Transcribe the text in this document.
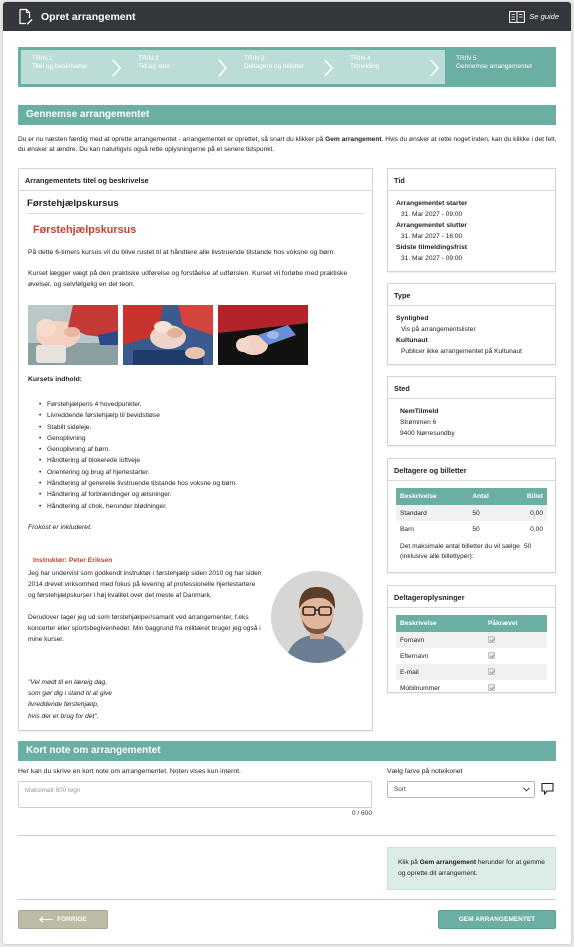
Opret arrangement	Se guide
TRIN 1
Titel og beskrivelse
TRIN 2
Tid og sted
TRIN 3
Deltagere og billetter
TRIN 4
Tilmelding
TRIN 5
Gennemse arrangementet
Gennemse arrangementet
Du er nu næsten færdig med at oprette arrangementet - arrangementet er oprettet, så snart du klikker på Gem arrangement. Hvis du ønsker at rette noget inden, kan du klikke i det felt, du ønsker at ændre. Du kan naturligvis også rette oplysningerne på et senere tidspunkt.
Arrangementets titel og beskrivelse
Førstehjælpskursus
Førstehjælpskursus
På dette 6-timers kursus vil du blive rustet til at håndtere alle livstruende tilstande hos voksne og børn.
Kurset lægger vægt på den praktiske udførelse og forståelse af udførslen. Kurset vil forløbe med praktiske øvelser, og selvfølgelig en del teori.
Kursets indhold:
• Førstehjælpens 4 hovedpunkter.
• Livreddende førstehjælp til bevidstløse
• Stabilt sideleje.
• Genoplivning
• Genoplivning af børn.
• Håndtering af blokerede luftveje
• Orientering og brug af hjertestarter.
• Håndtering af generelle livstruende tilstande hos voksne og børn.
• Håndtering af forbrændinger og ætsninger.
• Håndtering af chok, herunder blødninger.
Frokost er inkluderet.
Instruktør: Peter Eriksen
Jeg har undervist som godkendt instruktør i førstehjælp siden 2010 og har siden 2014 drevet virksomhed med fokus på levering af professionelle hjertestartere og førstehjælpskurser i høj kvalitet over det meste af Danmark.
Derudover tager jeg ud som førstehjælper/samarit ved arrangementer, f.eks koncerter eller sportsbegivenheder. Min baggrund fra militæret bruger jeg også i mine kurser.
"Vel mødt til en læreig dag,
som gør dig i stand til at give
livreddende førstehjælp,
hvis der er brug for det".
Tid
Arrangementet starter
31. Mar 2027 - 09:00
Arrangementet slutter
31. Mar 2027 - 16:00
Sidste tilmeldingsfrist
31. Mar 2027 - 09:00
Type
Synlighed
Vis på arrangementslister
Kultunaut
Publicer ikke arrangementet på Kultunaut
Sted
NemTilmeld
Strømmen 6
9400 Nørresundby
Deltagere og billetter
Beskrivelse	Antal	Billet
Standard	50	0,00
Barn	50	0,00
Det maksimale antal billetter du vil sælge (inklusive alle billettyper):
50
Deltageroplysninger
Beskrivelse	Påkrævet
Fornavn	
Efternavn	
E-mail	
Mobilnummer	
Kort note om arrangementet
Her kan du skrive en kort note om arrangementet. Noten vises kun internt.
Maksimalt 600 tegn
0 / 600
Vælg farve på noteikonet
Sort
Klik på Gem arrangement herunder for at gemme og oprette dit arrangement.
FORRIGE	GEM ARRANGEMENTET
